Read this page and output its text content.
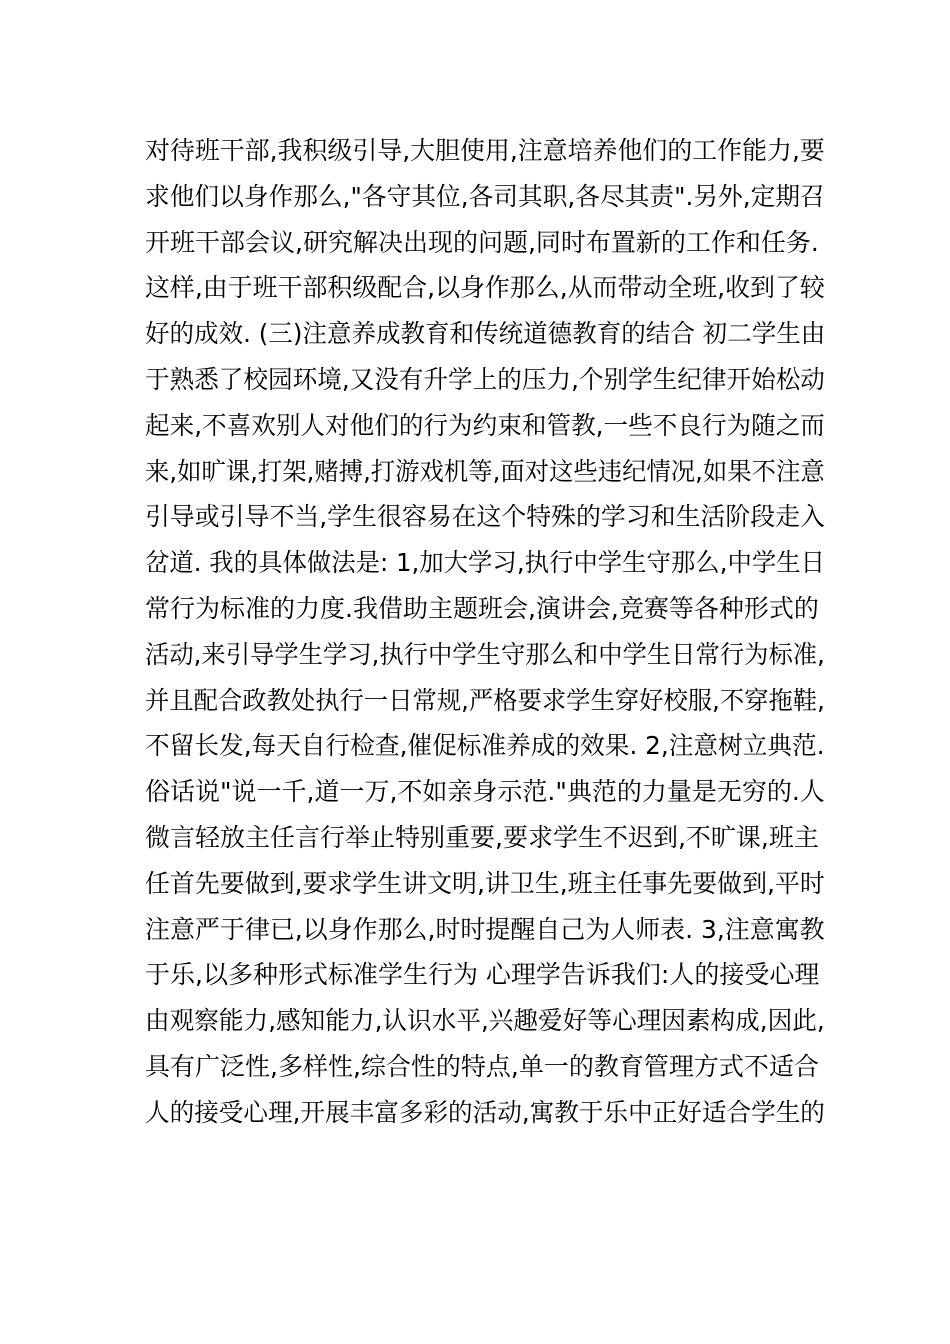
对待班干部,我积级引导,大胆使用,注意培养他们的工作能力,要
求他们以身作那么,"各守其位,各司其职,各尽其责".另外,定期召
开班干部会议,研究解决出现的问题,同时布置新的工作和任务.
这样,由于班干部积级配合,以身作那么,从而带动全班,收到了较
好的成效. (三)注意养成教育和传统道德教育的结合 初二学生由
于熟悉了校园环境,又没有升学上的压力,个别学生纪律开始松动
起来,不喜欢别人对他们的行为约束和管教,一些不良行为随之而
来,如旷课,打架,赌搏,打游戏机等,面对这些违纪情况,如果不注意
引导或引导不当,学生很容易在这个特殊的学习和生活阶段走入
岔道. 我的具体做法是: 1,加大学习,执行中学生守那么,中学生日
常行为标准的力度.我借助主题班会,演讲会,竞赛等各种形式的
活动,来引导学生学习,执行中学生守那么和中学生日常行为标准,
并且配合政教处执行一日常规,严格要求学生穿好校服,不穿拖鞋,
不留长发,每天自行检查,催促标准养成的效果. 2,注意树立典范.
俗话说"说一千,道一万,不如亲身示范."典范的力量是无穷的.人
微言轻放主任言行举止特别重要,要求学生不迟到,不旷课,班主
任首先要做到,要求学生讲文明,讲卫生,班主任事先要做到,平时
注意严于律已,以身作那么,时时提醒自己为人师表. 3,注意寓教
于乐,以多种形式标准学生行为 心理学告诉我们:人的接受心理
由观察能力,感知能力,认识水平,兴趣爱好等心理因素构成,因此,
具有广泛性,多样性,综合性的特点,单一的教育管理方式不适合
人的接受心理,开展丰富多彩的活动,寓教于乐中正好适合学生的
